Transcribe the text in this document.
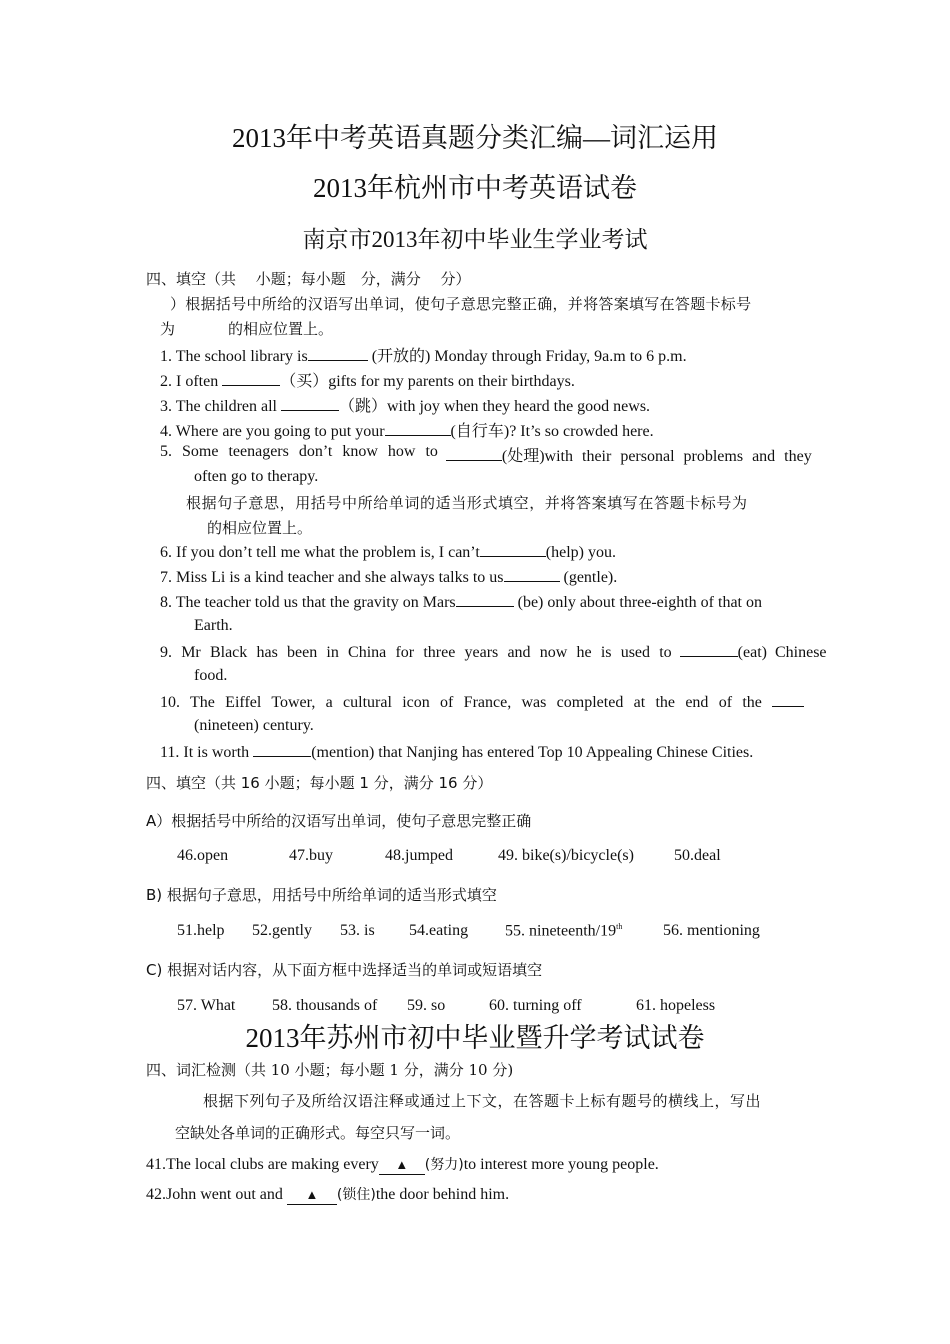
2013年中考英语真题分类汇编—词汇运用
2013年杭州市中考英语试卷
南京市2013年初中毕业生学业考试
四、填空（共　 小题；每小题　分，满分　 分）
）根据括号中所给的汉语写出单词，使句子意思完整正确，并将答案填写在答题卡标号
为	的相应位置上。
1. The school library is	(开放的) Monday through Friday, 9a.m to 6 p.m.
2. I often	（买）gifts for my parents on their birthdays.
3. The children all	（跳）with joy when they heard the good news.
4. Where are you going to put your	(自行车)? It’s so crowded here.
5. Some teenagers don’t know how to	(处理)with their personal problems and they
often go to therapy.
根据句子意思，用括号中所给单词的适当形式填空，并将答案填写在答题卡标号为
的相应位置上。
6. If you don’t tell me what the problem is, I can’t	(help) you.
7. Miss Li is a kind teacher and she always talks to us	(gentle).
8. The teacher told us that the gravity on Mars	(be) only about three-eighth of that on
Earth.
9. Mr Black has been in China for three years and now he is used to	(eat) Chinese
food.
10. The Eiffel Tower, a cultural icon of France, was completed at the end of the
(nineteen) century.
11. It is worth	(mention) that Nanjing has entered Top 10 Appealing Chinese Cities.
四、填空（共 16 小题；每小题 1 分，满分 16 分）
A）根据括号中所给的汉语写出单词，使句子意思完整正确
46.open	47.buy	48.jumped	49. bike(s)/bicycle(s)	50.deal
B) 根据句子意思，用括号中所给单词的适当形式填空
51.help 52.gently 53. is 54.eating 55. nineteenth/19th	56. mentioning
C) 根据对话内容，从下面方框中选择适当的单词或短语填空
57. What 58. thousands of 59. so	60. turning off	61. hopeless
2013年苏州市初中毕业暨升学考试试卷
四、词汇检测（共 10 小题；每小题 1 分，满分 10 分)
根据下列句子及所给汉语注释或通过上下文，在答题卡上标有题号的横线上，写出
空缺处各单词的正确形式。每空只写一词。
41.The local clubs are making every ▲ (努力)to interest more young people.
42.John went out and ▲ (锁住)the door behind him.
